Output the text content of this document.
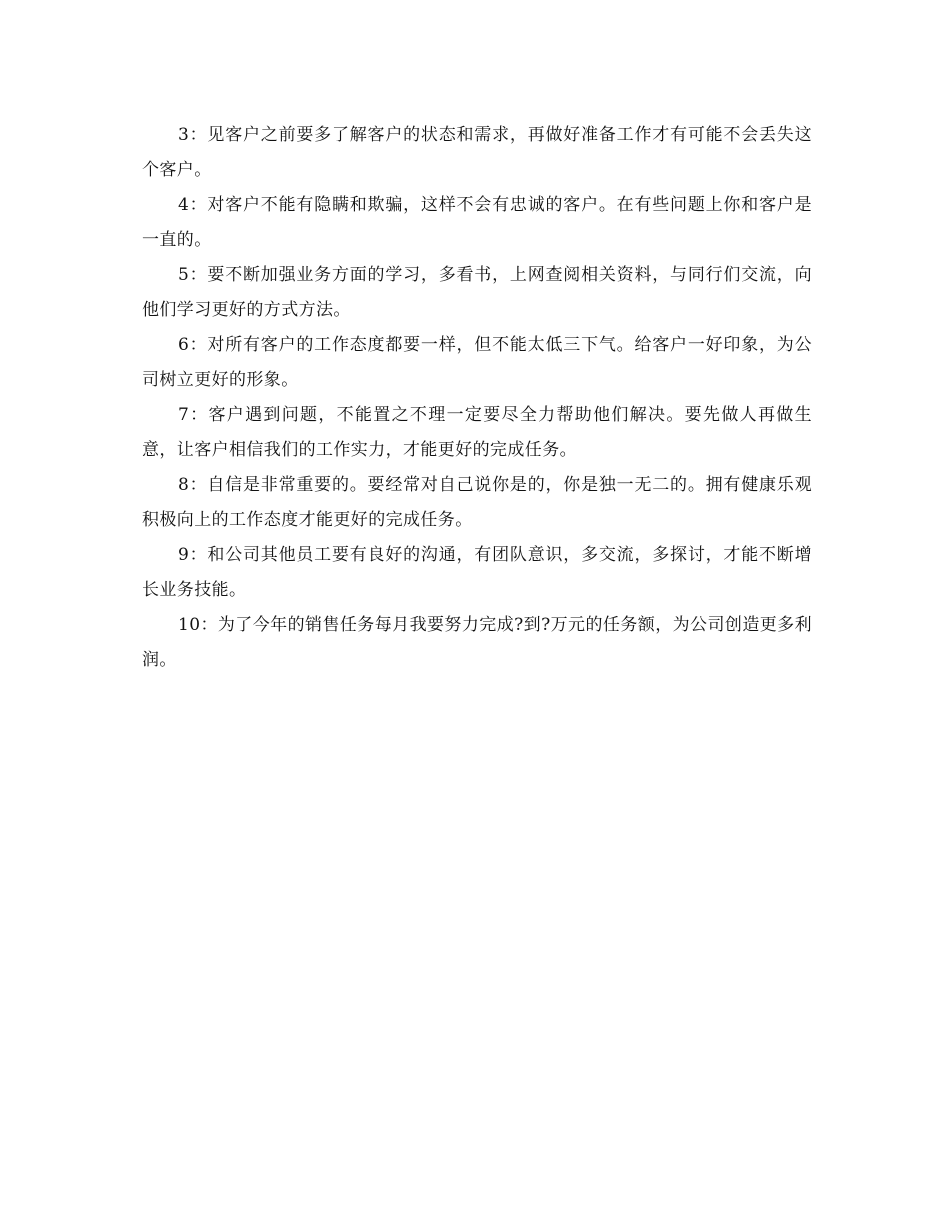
3：见客户之前要多了解客户的状态和需求，再做好准备工作才有可能不会丢失这个客户。

4：对客户不能有隐瞒和欺骗，这样不会有忠诚的客户。在有些问题上你和客户是一直的。

5：要不断加强业务方面的学习，多看书，上网查阅相关资料，与同行们交流，向他们学习更好的方式方法。

6：对所有客户的工作态度都要一样，但不能太低三下气。给客户一好印象，为公司树立更好的形象。

7：客户遇到问题，不能置之不理一定要尽全力帮助他们解决。要先做人再做生意，让客户相信我们的工作实力，才能更好的完成任务。

8：自信是非常重要的。要经常对自己说你是的，你是独一无二的。拥有健康乐观积极向上的工作态度才能更好的完成任务。

9：和公司其他员工要有良好的沟通，有团队意识，多交流，多探讨，才能不断增长业务技能。

10：为了今年的销售任务每月我要努力完成?到?万元的任务额，为公司创造更多利润。
